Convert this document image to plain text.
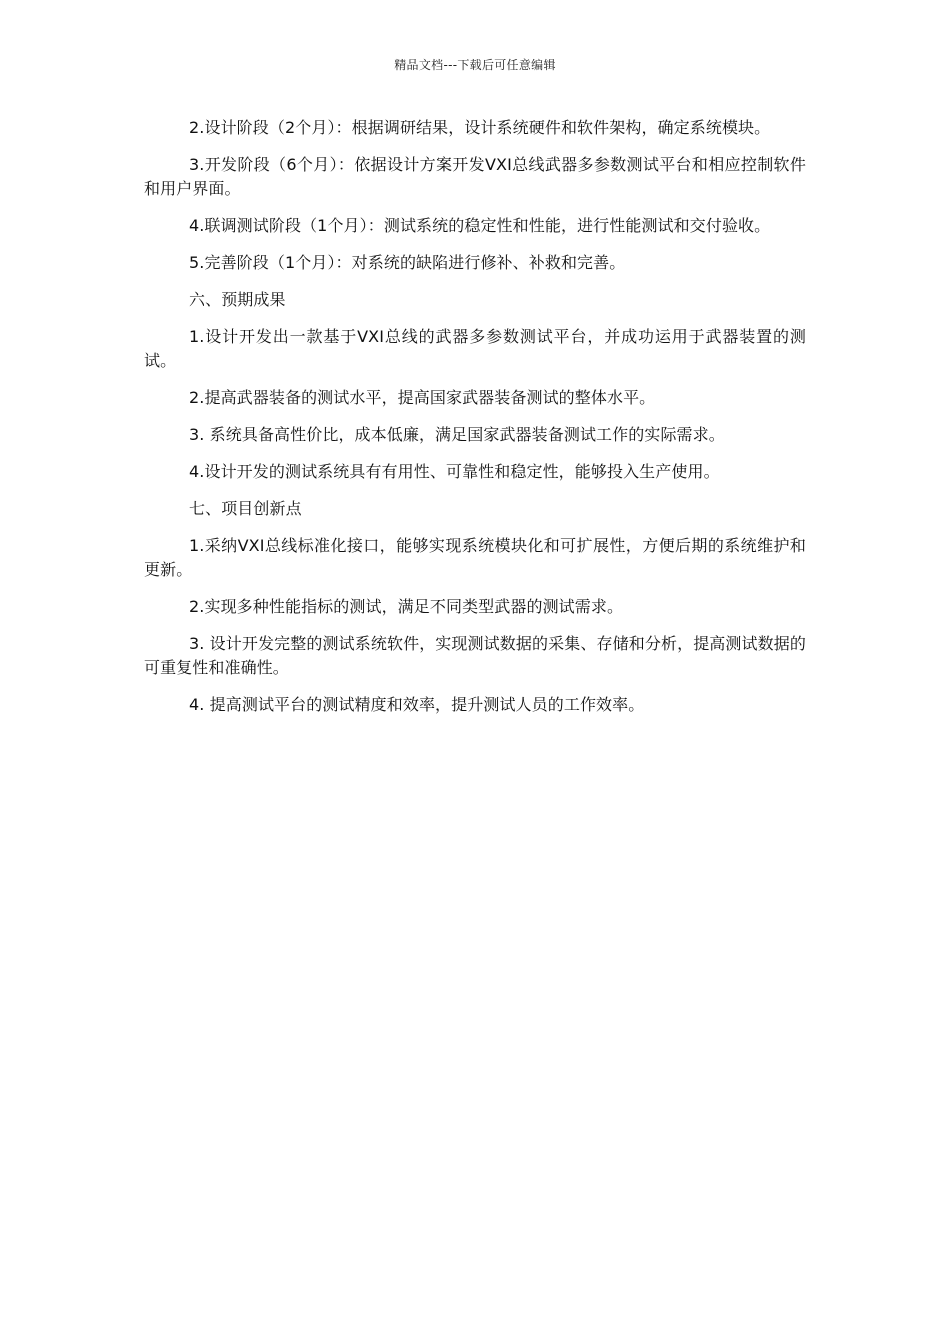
精品文档---下载后可任意编辑

2.设计阶段（2个月）：根据调研结果，设计系统硬件和软件架构，确定系统模块。

3.开发阶段（6个月）：依据设计方案开发VXI总线武器多参数测试平台和相应控制软件和用户界面。

4.联调测试阶段（1个月）：测试系统的稳定性和性能，进行性能测试和交付验收。

5.完善阶段（1个月）：对系统的缺陷进行修补、补救和完善。

六、预期成果

1.设计开发出一款基于VXI总线的武器多参数测试平台，并成功运用于武器装置的测试。

2.提高武器装备的测试水平，提高国家武器装备测试的整体水平。

3. 系统具备高性价比，成本低廉，满足国家武器装备测试工作的实际需求。

4.设计开发的测试系统具有有用性、可靠性和稳定性，能够投入生产使用。

七、项目创新点

1.采纳VXI总线标准化接口，能够实现系统模块化和可扩展性，方便后期的系统维护和更新。

2.实现多种性能指标的测试，满足不同类型武器的测试需求。

3. 设计开发完整的测试系统软件，实现测试数据的采集、存储和分析，提高测试数据的可重复性和准确性。

4. 提高测试平台的测试精度和效率，提升测试人员的工作效率。
